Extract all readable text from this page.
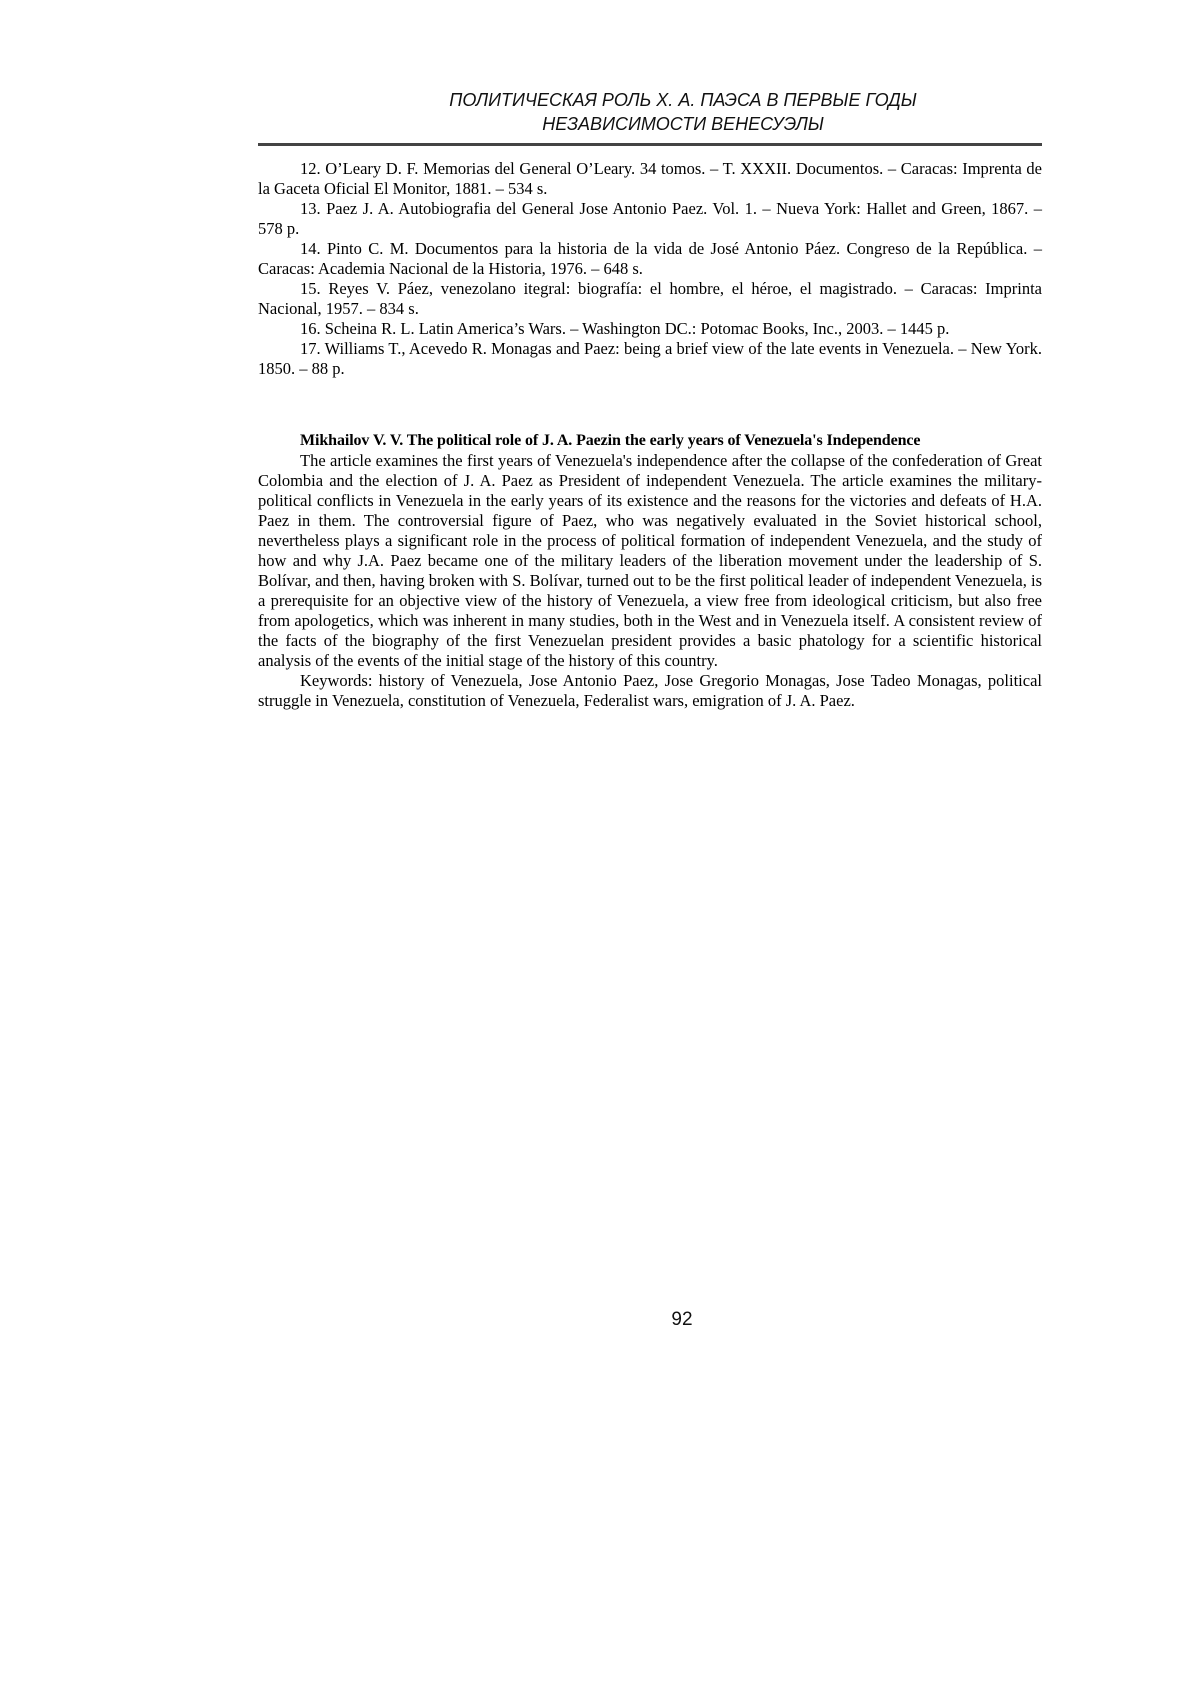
ПОЛИТИЧЕСКАЯ РОЛЬ Х. А. ПАЭСА В ПЕРВЫЕ ГОДЫ
НЕЗАВИСИМОСТИ ВЕНЕСУЭЛЫ

12. O’Leary D. F. Memorias del General O’Leary. 34 tomos. – T. XXXII. Documentos. – Caracas: Imprenta de la Gaceta Oficial El Monitor, 1881. – 534 s.

13. Paez J. A. Autobiografia del General Jose Antonio Paez. Vol. 1. – Nueva York: Hallet and Green, 1867. – 578 p.

14. Pinto C. M. Documentos para la historia de la vida de José Antonio Páez. Congreso de la República. – Caracas: Academia Nacional de la Historia, 1976. – 648 s.

15. Reyes V. Páez, venezolano itegral: biografía: el hombre, el héroe, el magistrado. – Caracas: Imprinta Nacional, 1957. – 834 s.

16. Scheina R. L. Latin America’s Wars. – Washington DC.: Potomac Books, Inc., 2003. – 1445 p.

17. Williams T., Acevedo R. Monagas and Paez: being a brief view of the late events in Venezuela. – New York. 1850. – 88 p.

Mikhailov V. V. The political role of J. A. Paezin the early years of Venezuela's Independence

The article examines the first years of Venezuela's independence after the collapse of the confederation of Great Colombia and the election of J. A. Paez as President of independent Venezuela. The article examines the military-political conflicts in Venezuela in the early years of its existence and the reasons for the victories and defeats of H.A. Paez in them. The controversial figure of Paez, who was negatively evaluated in the Soviet historical school, nevertheless plays a significant role in the process of political formation of independent Venezuela, and the study of how and why J.A. Paez became one of the military leaders of the liberation movement under the leadership of S. Bolívar, and then, having broken with S. Bolívar, turned out to be the first political leader of independent Venezuela, is a prerequisite for an objective view of the history of Venezuela, a view free from ideological criticism, but also free from apologetics, which was inherent in many studies, both in the West and in Venezuela itself. A consistent review of the facts of the biography of the first Venezuelan president provides a basic phatology for a scientific historical analysis of the events of the initial stage of the history of this country.

Keywords: history of Venezuela, Jose Antonio Paez, Jose Gregorio Monagas, Jose Tadeo Monagas, political struggle in Venezuela, constitution of Venezuela, Federalist wars, emigration of J. A. Paez.

92
